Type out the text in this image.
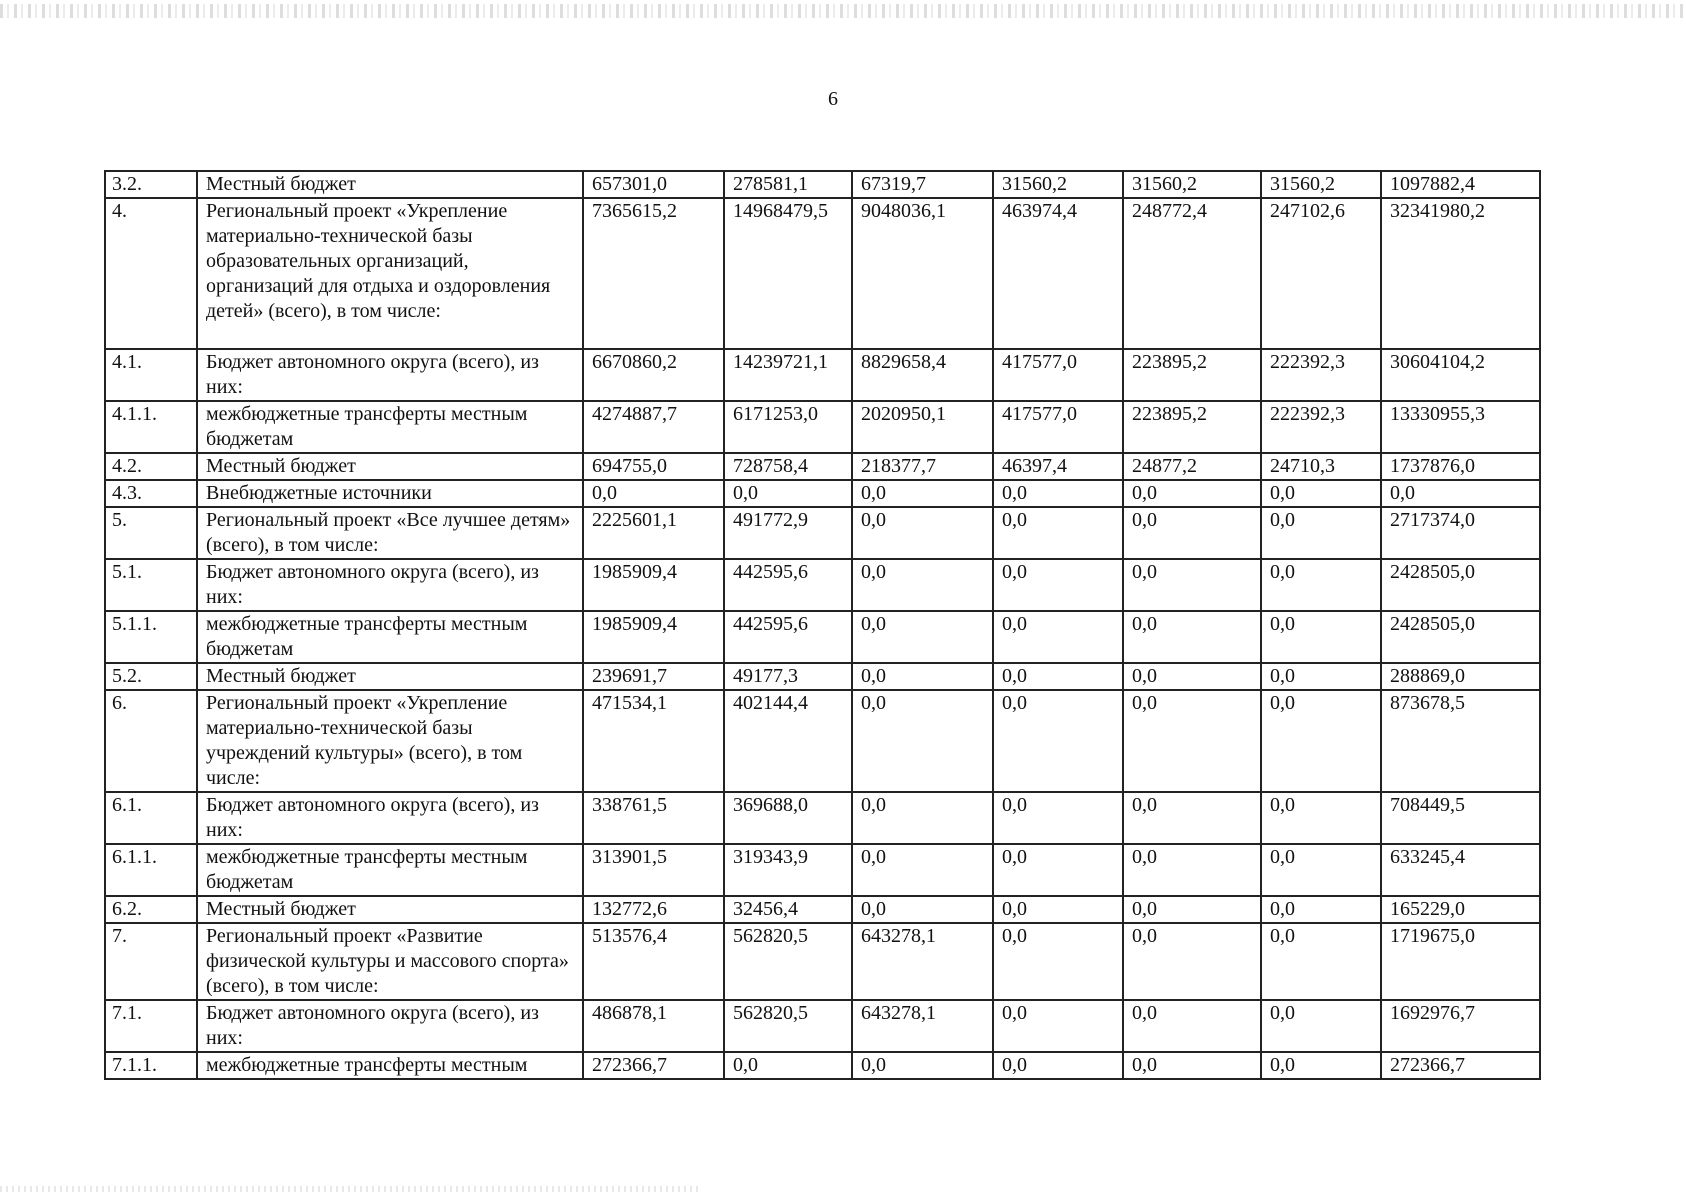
6
3.2.	Местный бюджет	657301,0	278581,1	67319,7	31560,2	31560,2	31560,2	1097882,4
4.	Региональный проект «Укрепление материально-технической базы образовательных организаций, организаций для отдыха и оздоровления детей» (всего), в том числе:	7365615,2	14968479,5	9048036,1	463974,4	248772,4	247102,6	32341980,2
4.1.	Бюджет автономного округа (всего), из них:	6670860,2	14239721,1	8829658,4	417577,0	223895,2	222392,3	30604104,2
4.1.1.	межбюджетные трансферты местным бюджетам	4274887,7	6171253,0	2020950,1	417577,0	223895,2	222392,3	13330955,3
4.2.	Местный бюджет	694755,0	728758,4	218377,7	46397,4	24877,2	24710,3	1737876,0
4.3.	Внебюджетные источники	0,0	0,0	0,0	0,0	0,0	0,0	0,0
5.	Региональный проект «Все лучшее детям» (всего), в том числе:	2225601,1	491772,9	0,0	0,0	0,0	0,0	2717374,0
5.1.	Бюджет автономного округа (всего), из них:	1985909,4	442595,6	0,0	0,0	0,0	0,0	2428505,0
5.1.1.	межбюджетные трансферты местным бюджетам	1985909,4	442595,6	0,0	0,0	0,0	0,0	2428505,0
5.2.	Местный бюджет	239691,7	49177,3	0,0	0,0	0,0	0,0	288869,0
6.	Региональный проект «Укрепление материально-технической базы учреждений культуры» (всего), в том числе:	471534,1	402144,4	0,0	0,0	0,0	0,0	873678,5
6.1.	Бюджет автономного округа (всего), из них:	338761,5	369688,0	0,0	0,0	0,0	0,0	708449,5
6.1.1.	межбюджетные трансферты местным бюджетам	313901,5	319343,9	0,0	0,0	0,0	0,0	633245,4
6.2.	Местный бюджет	132772,6	32456,4	0,0	0,0	0,0	0,0	165229,0
7.	Региональный проект «Развитие физической культуры и массового спорта» (всего), в том числе:	513576,4	562820,5	643278,1	0,0	0,0	0,0	1719675,0
7.1.	Бюджет автономного округа (всего), из них:	486878,1	562820,5	643278,1	0,0	0,0	0,0	1692976,7
7.1.1.	межбюджетные трансферты местным	272366,7	0,0	0,0	0,0	0,0	0,0	272366,7
